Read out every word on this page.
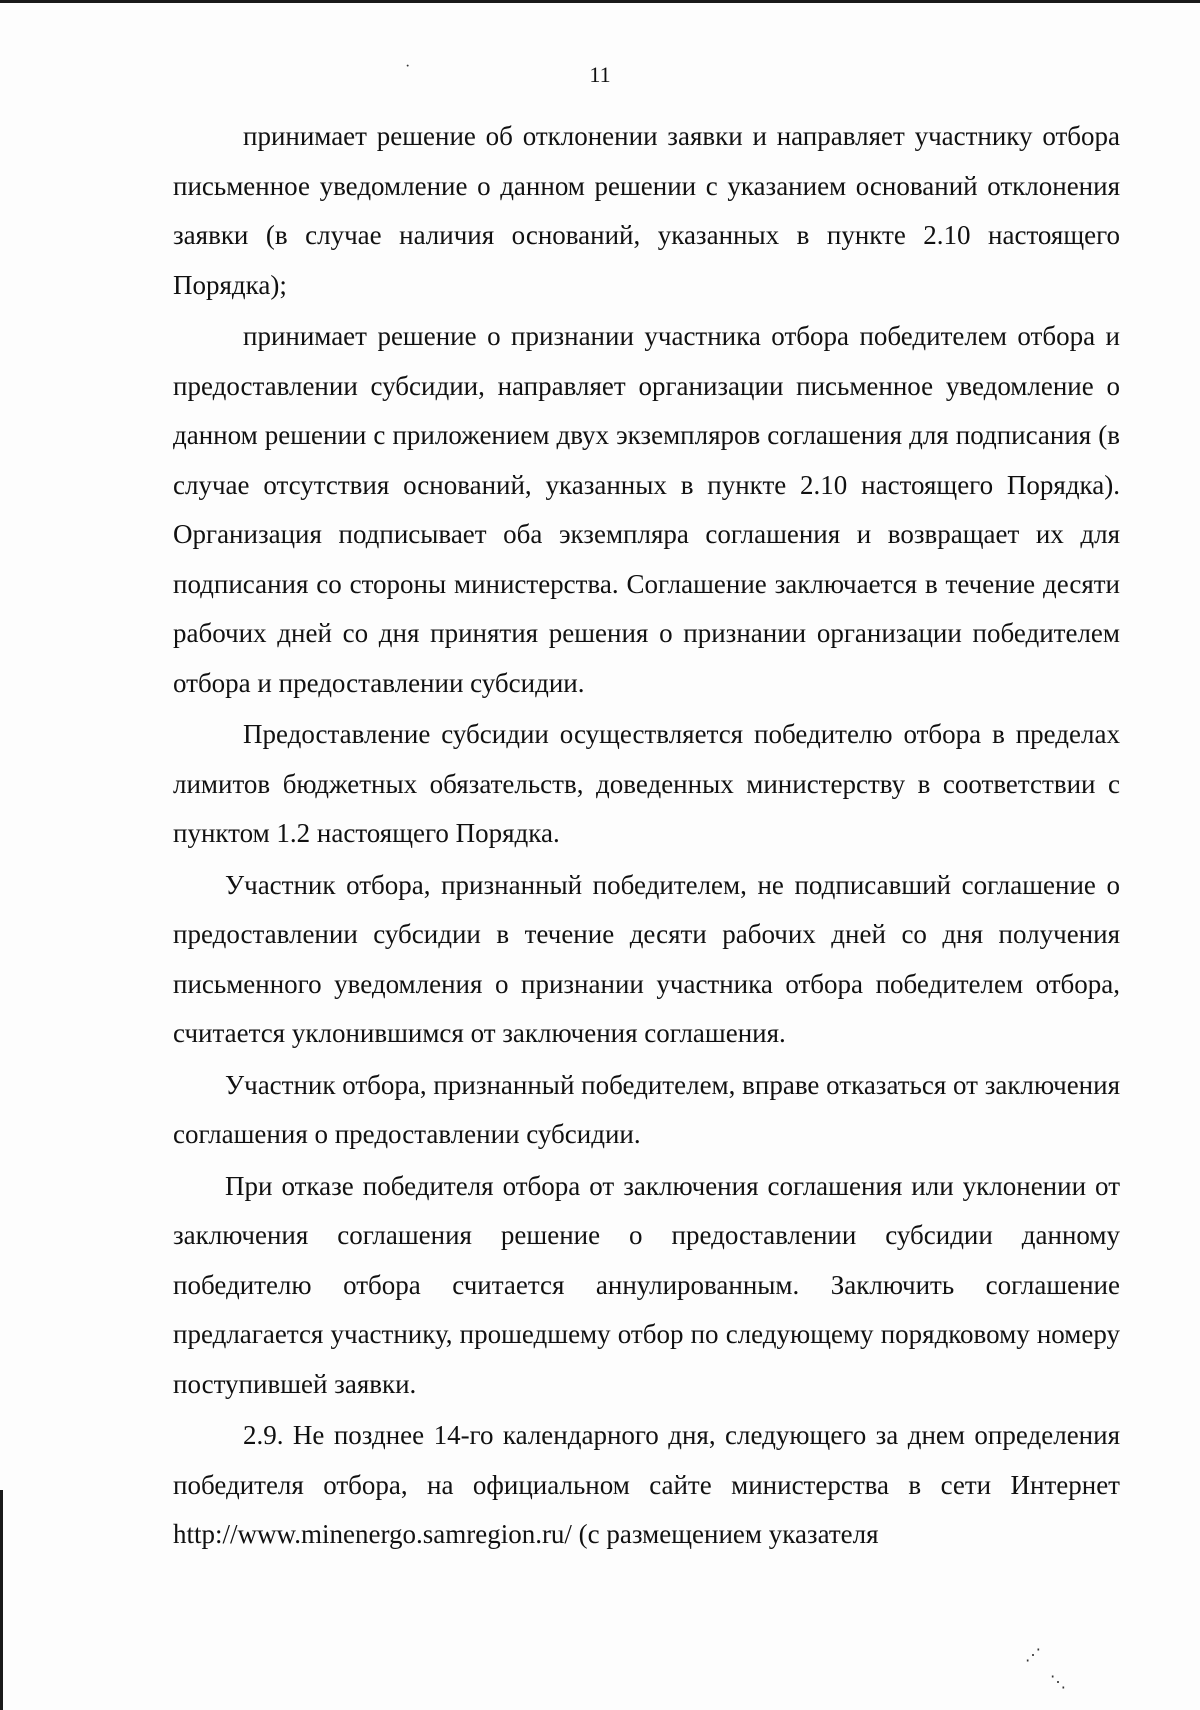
11

принимает решение об отклонении заявки и направляет участнику отбора письменное уведомление о данном решении с указанием оснований отклонения заявки (в случае наличия оснований, указанных в пункте 2.10 настоящего Порядка);

принимает решение о признании участника отбора победителем отбора и предоставлении субсидии, направляет организации письменное уведомление о данном решении с приложением двух экземпляров соглашения для подписания (в случае отсутствия оснований, указанных в пункте 2.10 настоящего Порядка). Организация подписывает оба экземпляра соглашения и возвращает их для подписания со стороны министерства. Соглашение заключается в течение десяти рабочих дней со дня принятия решения о признании организации победителем отбора и предоставлении субсидии.

Предоставление субсидии осуществляется победителю отбора в пределах лимитов бюджетных обязательств, доведенных министерству в соответствии с пунктом 1.2 настоящего Порядка.

Участник отбора, признанный победителем, не подписавший соглашение о предоставлении субсидии в течение десяти рабочих дней со дня получения письменного уведомления о признании участника отбора победителем отбора, считается уклонившимся от заключения соглашения.

Участник отбора, признанный победителем, вправе отказаться от заключения соглашения о предоставлении субсидии.

При отказе победителя отбора от заключения соглашения или уклонении от заключения соглашения решение о предоставлении субсидии данному победителю отбора считается аннулированным. Заключить соглашение предлагается участнику, прошедшему отбор по следующему порядковому номеру поступившей заявки.

2.9. Не позднее 14-го календарного дня, следующего за днем определения победителя отбора, на официальном сайте министерства в сети Интернет http://www.minenergo.samregion.ru/ (с размещением указателя

·
⋰
⋱
